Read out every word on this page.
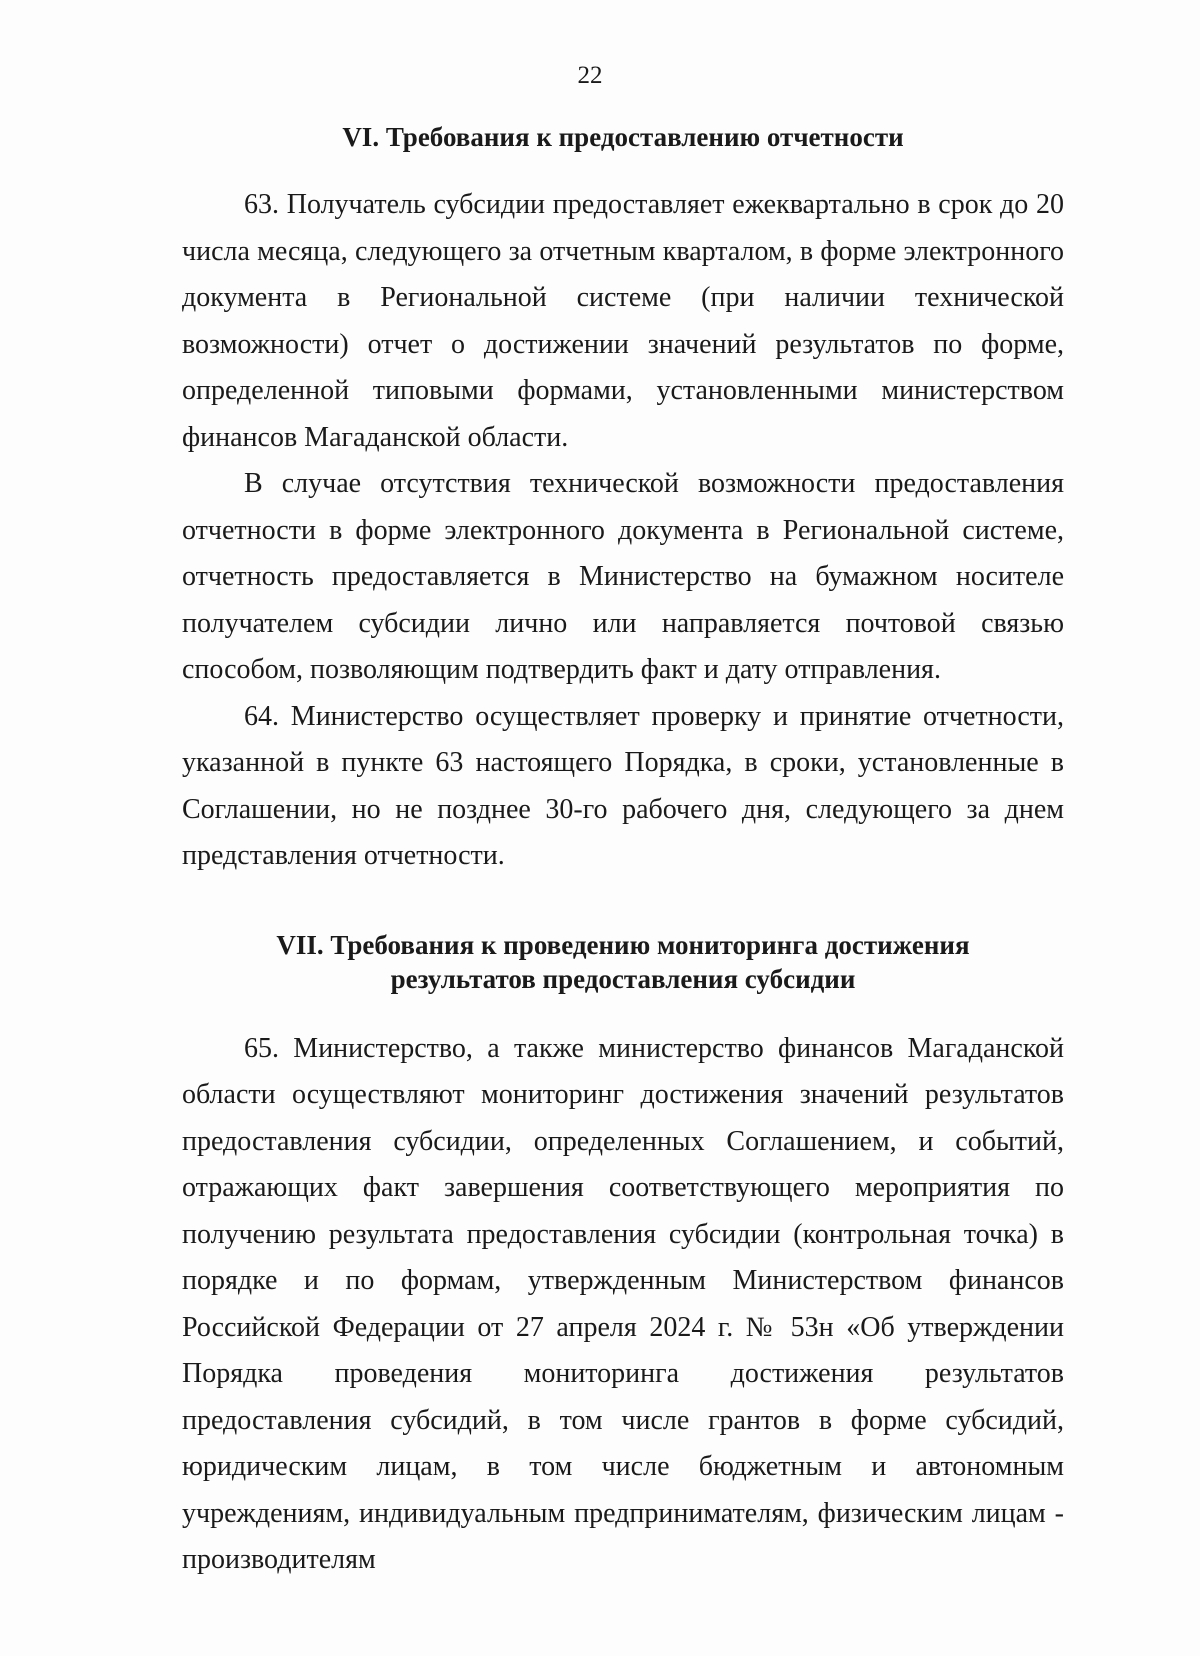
22
VI. Требования к предоставлению отчетности

63. Получатель субсидии предоставляет ежеквартально в срок до 20 числа месяца, следующего за отчетным кварталом, в форме электронного документа в Региональной системе (при наличии технической возможности) отчет о достижении значений результатов по форме, определенной типовыми формами, установленными министерством финансов Магаданской области.

В случае отсутствия технической возможности предоставления отчетности в форме электронного документа в Региональной системе, отчетность предоставляется в Министерство на бумажном носителе получателем субсидии лично или направляется почтовой связью способом, позволяющим подтвердить факт и дату отправления.

64. Министерство осуществляет проверку и принятие отчетности, указанной в пункте 63 настоящего Порядка, в сроки, установленные в Соглашении, но не позднее 30-го рабочего дня, следующего за днем представления отчетности.

VII. Требования к проведению мониторинга достижения
результатов предоставления субсидии

65. Министерство, а также министерство финансов Магаданской области осуществляют мониторинг достижения значений результатов предоставления субсидии, определенных Соглашением, и событий, отражающих факт завершения соответствующего мероприятия по получению результата предоставления субсидии (контрольная точка) в порядке и по формам, утвержденным Министерством финансов Российской Федерации от 27 апреля 2024 г. № 53н «Об утверждении Порядка проведения мониторинга достижения результатов предоставления субсидий, в том числе грантов в форме субсидий, юридическим лицам, в том числе бюджетным и автономным учреждениям, индивидуальным предпринимателям, физическим лицам - производителям
